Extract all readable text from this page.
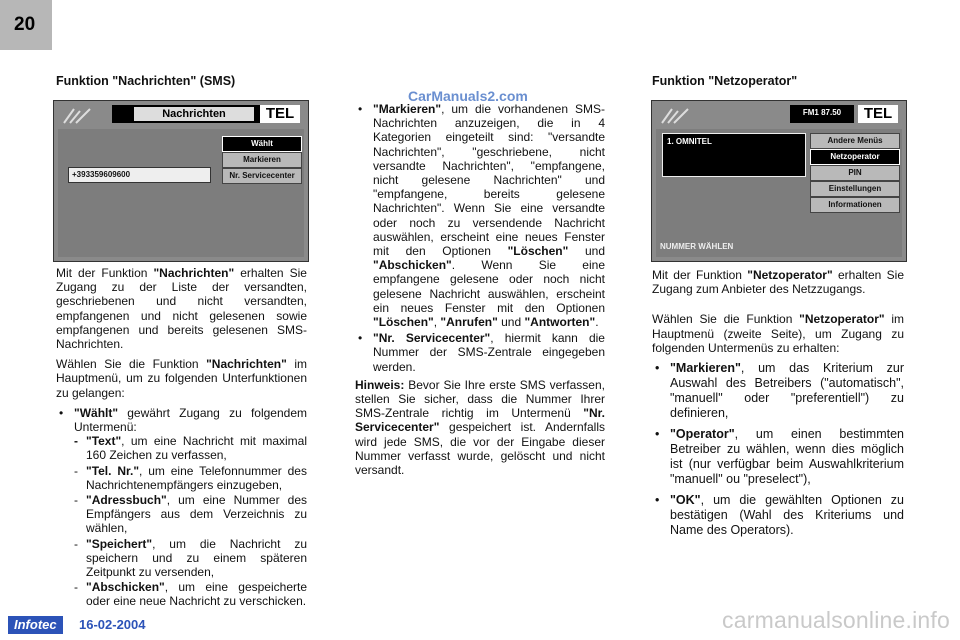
20
CarManuals2.com
Funktion "Nachrichten" (SMS)
Nachrichten	TEL
Wählt
Markieren
Nr. Servicecenter
+393359609600

Mit der Funktion "Nachrichten" erhalten Sie Zugang zu der Liste der versandten, geschriebenen und nicht versandten, empfangenen und nicht gelesenen sowie empfangenen und bereits gelesenen SMS-Nachrichten.

Wählen Sie die Funktion "Nachrichten" im Hauptmenü, um zu folgenden Unterfunktionen zu gelangen:

• "Wählt" gewährt Zugang zu folgendem Untermenü:
- "Text", um eine Nachricht mit maximal 160 Zeichen zu verfassen,
- "Tel. Nr.", um eine Telefonnummer des Nachrichtenempfängers einzugeben,
- "Adressbuch", um eine Nummer des Empfängers aus dem Verzeichnis zu wählen,
- "Speichert", um die Nachricht zu speichern und zu einem späteren Zeitpunkt zu versenden,
- "Abschicken", um eine gespeicherte oder eine neue Nachricht zu verschicken.
• "Markieren", um die vorhandenen SMS-Nachrichten anzuzeigen, die in 4 Kategorien eingeteilt sind: "versandte Nachrichten", "geschriebene, nicht versandte Nachrichten", "empfangene, nicht gelesene Nachrichten" und "empfangene, bereits gelesene Nachrichten". Wenn Sie eine versandte oder noch zu versendende Nachricht auswählen, erscheint eine neues Fenster mit den Optionen "Löschen" und "Abschicken". Wenn Sie eine empfangene gelesene oder noch nicht gelesene Nachricht auswählen, erscheint ein neues Fenster mit den Optionen "Löschen", "Anrufen" und "Antworten".
• "Nr. Servicecenter", hiermit kann die Nummer der SMS-Zentrale eingegeben werden.

Hinweis: Bevor Sie Ihre erste SMS verfassen, stellen Sie sicher, dass die Nummer Ihrer SMS-Zentrale richtig im Untermenü "Nr. Servicecenter" gespeichert ist. Andernfalls wird jede SMS, die vor der Eingabe dieser Nummer verfasst wurde, gelöscht und nicht versandt.

Funktion "Netzoperator"
FM1 87.50	TEL
1. OMNITEL	Andere Menüs
Netzoperator
PIN
Einstellungen
Informationen
NUMMER WÄHLEN

Mit der Funktion "Netzoperator" erhalten Sie Zugang zum Anbieter des Netzzugangs.

Wählen Sie die Funktion "Netzoperator" im Hauptmenü (zweite Seite), um Zugang zu folgenden Untermenüs zu erhalten:

• "Markieren", um das Kriterium zur Auswahl des Betreibers ("automatisch", "manuell" oder "preferentiell") zu definieren,
• "Operator", um einen bestimmten Betreiber zu wählen, wenn dies möglich ist (nur verfügbar beim Auswahlkriterium "manuell" ou "preselect"),
• "OK", um die gewählten Optionen zu bestätigen (Wahl des Kriteriums und Name des Operators).
Infotec	16-02-2004	carmanualsonline.info
